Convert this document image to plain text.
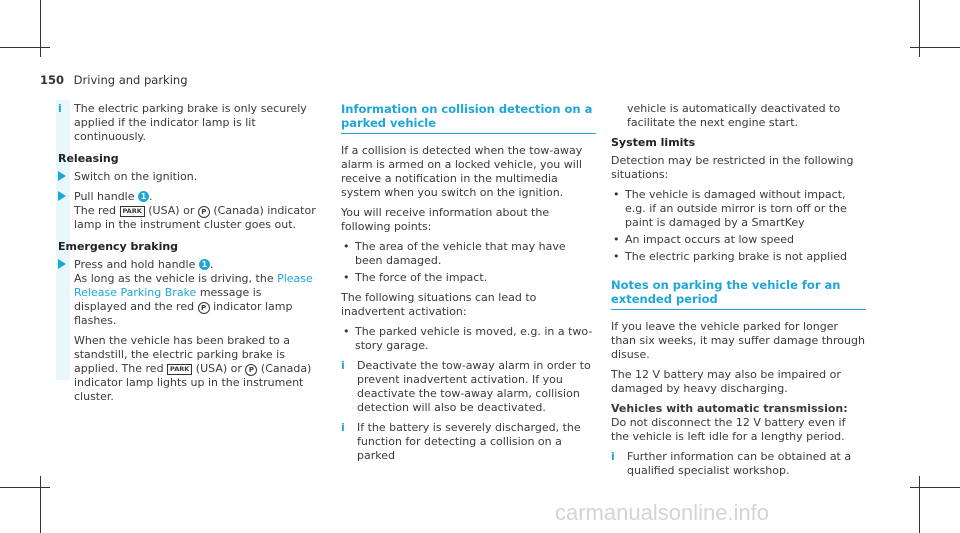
150 Driving and parking
i The electric parking brake is only securely applied if the indicator lamp is lit continuously.
Releasing
Switch on the ignition.
Pull handle 1 .
The red PARK (USA) or P (Canada) indicator lamp in the instrument cluster goes out.
Emergency braking
Press and hold handle 1 .
As long as the vehicle is driving, the Please Release Parking Brake message is displayed and the red P indicator lamp flashes.
When the vehicle has been braked to a standstill, the electric parking brake is applied. The red PARK (USA) or P (Canada) indicator lamp lights up in the instrument cluster.
Information on collision detection on a parked vehicle

If a collision is detected when the tow-away alarm is armed on a locked vehicle, you will receive a notification in the multimedia system when you switch on the ignition.

You will receive information about the following points:

• The area of the vehicle that may have been damaged.
• The force of the impact.

The following situations can lead to inadvertent activation:

• The parked vehicle is moved, e.g. in a two-story garage.
i Deactivate the tow-away alarm in order to prevent inadvertent activation. If you deactivate the tow-away alarm, collision detection will also be deactivated.
i If the battery is severely discharged, the function for detecting a collision on a parked

vehicle is automatically deactivated to facilitate the next engine start.

System limits

Detection may be restricted in the following situations:

• The vehicle is damaged without impact, e.g. if an outside mirror is torn off or the paint is damaged by a SmartKey
• An impact occurs at low speed
• The electric parking brake is not applied
Notes on parking the vehicle for an extended period

If you leave the vehicle parked for longer than six weeks, it may suffer damage through disuse.

The 12 V battery may also be impaired or damaged by heavy discharging.

Vehicles with automatic transmission: Do not disconnect the 12 V battery even if the vehicle is left idle for a lengthy period.

i Further information can be obtained at a qualified specialist workshop.
carmanualsonline.info
